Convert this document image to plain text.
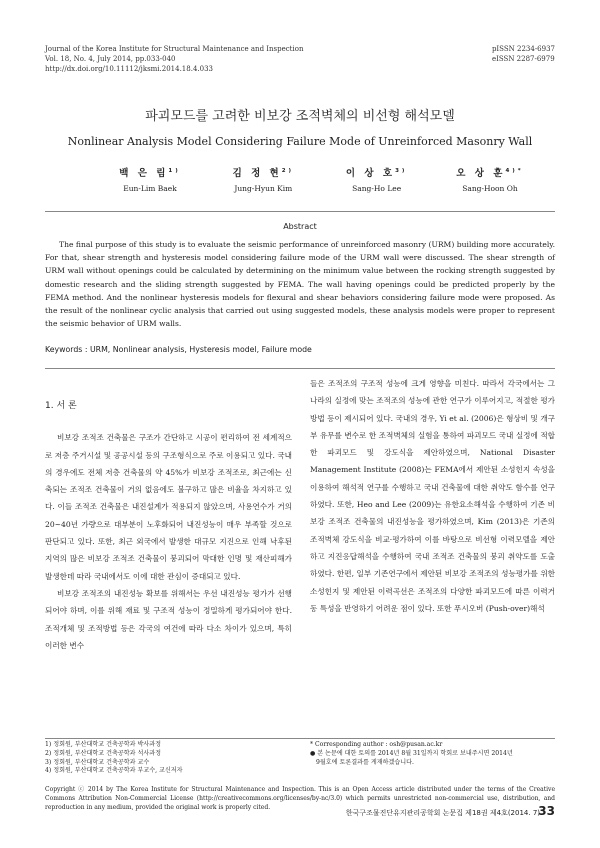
Journal of the Korea Institute for Structural Maintenance and Inspection
Vol. 18, No. 4, July 2014, pp.033-040
http://dx.doi.org/10.11112/jksmi.2014.18.4.033
pISSN 2234-6937
eISSN 2287-6979
파괴모드를 고려한 비보강 조적벽체의 비선형 해석모델
Nonlinear Analysis Model Considering Failure Mode of Unreinforced Masonry Wall
백 은 림$^{1)}$
Eun-Lim Baek
김 정 현$^{2)}$
Jung-Hyun Kim
이 상 호$^{3)}$
Sang-Ho Lee
오 상 훈$^{4)*}$
Sang-Hoon Oh
Abstract
The final purpose of this study is to evaluate the seismic performance of unreinforced masonry (URM) building more accurately. For that, shear strength and hysteresis model considering failure mode of the URM wall were discussed. The shear strength of URM wall without openings could be calculated by determining on the minimum value between the rocking strength suggested by domestic research and the sliding strength suggested by FEMA. The wall having openings could be predicted properly by the FEMA method. And the nonlinear hysteresis models for flexural and shear behaviors considering failure mode were proposed. As the result of the nonlinear cyclic analysis that carried out using suggested models, these analysis models were proper to represent the seismic behavior of URM walls.
Keywords : URM, Nonlinear analysis, Hysteresis model, Failure mode
1. 서 론

비보강 조적조 건축물은 구조가 간단하고 시공이 편리하여 전 세계적으로 저층 주거시설 및 공공시설 등의 구조형식으로 주로 이용되고 있다. 국내의 경우에도 전체 저층 건축물의 약 45%가 비보강 조적조로, 최근에는 신축되는 조적조 건축물이 거의 없음에도 불구하고 많은 비율을 차지하고 있다. 이들 조적조 건축물은 내진설계가 적용되지 않았으며, 사용연수가 거의 20~40년 가량으로 대부분이 노후화되어 내진성능이 매우 부족할 것으로 판단되고 있다. 또한, 최근 외국에서 발생한 대규모 지진으로 인해 낙후된 지역의 많은 비보강 조적조 건축물이 붕괴되어 막대한 인명 및 재산피해가 발생한데 따라 국내에서도 이에 대한 관심이 증대되고 있다.

비보강 조적조의 내진성능 확보를 위해서는 우선 내진성능 평가가 선행되어야 하며, 이를 위해 재료 및 구조적 성능이 정밀하게 평가되어야 한다. 조적개체 및 조적방법 등은 각국의 여건에 따라 다소 차이가 있으며, 특히 이러한 변수

들은 조적조의 구조적 성능에 크게 영향을 미친다. 따라서 각국에서는 그 나라의 실정에 맞는 조적조의 성능에 관한 연구가 이루어지고, 적절한 평가방법 등이 제시되어 있다. 국내의 경우, Yi et al. (2006)은 형상비 및 개구부 유무를 변수로 한 조적벽체의 실험을 통하여 파괴모드 국내 실정에 적합한 파괴모드 및 강도식을 제안하였으며, National Disaster Management Institute (2008)는 FEMA에서 제안된 소성힌지 속성을 이용하여 해석적 연구를 수행하고 국내 건축물에 대한 취약도 함수를 연구하였다. 또한, Heo and Lee (2009)는 유한요소해석을 수행하여 기존 비보강 조적조 건축물의 내진성능을 평가하였으며, Kim (2013)은 기존의 조적벽체 강도식을 비교·평가하여 이를 바탕으로 비선형 이력모델을 제안하고 지진응답해석을 수행하여 국내 조적조 건축물의 붕괴 취약도를 도출하였다. 한편, 일부 기존연구에서 제안된 비보강 조적조의 성능평가를 위한 소성힌지 및 제안된 이력곡선은 조적조의 다양한 파괴모드에 따른 이력거동 특성을 반영하기 어려운 점이 있다. 또한 푸시오버 (Push-over)해석

1) 정회원, 부산대학교 건축공학과 박사과정
2) 정회원, 부산대학교 건축공학과 석사과정
3) 정회원, 부산대학교 건축공학과 교수
4) 정회원, 부산대학교 건축공학과 부교수, 교신저자
* Corresponding author : osh@pusan.ac.kr
● 본 논문에 대한 토의를 2014년 8월 31일까지 학회로 보내주시면 2014년
9월호에 토론결과를 게재하겠습니다.
Copyright ⓒ 2014 by The Korea Institute for Structural Maintenance and Inspection. This is an Open Access article distributed under the terms of the Creative Commons Attribution Non-Commercial License (http://creativecommons.org/licenses/by-nc/3.0) which permits unrestricted non-commercial use, distribution, and reproduction in any medium, provided the original work is properly cited.
한국구조물진단유지관리공학회 논문집 제18권 제4호(2014. 7)
33
